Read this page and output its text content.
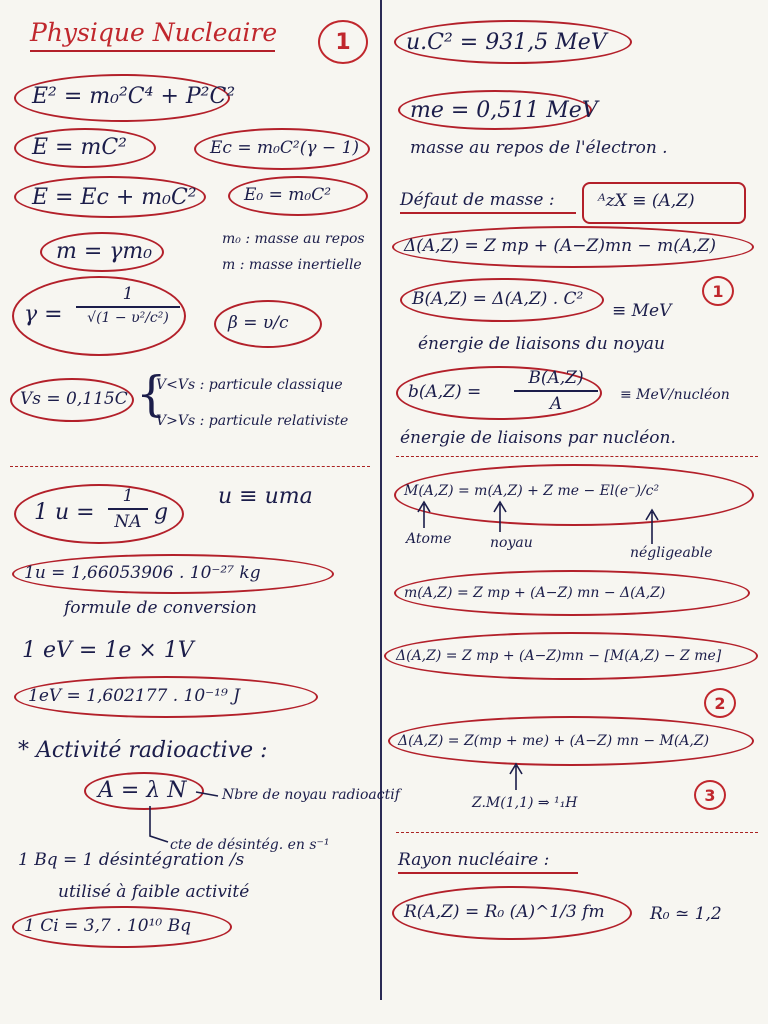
Physique Nucleaire	1
E² = m₀²C⁴ + P²C²
E = mC²	Ec = m₀C²(γ − 1)
E = Ec + m₀C²	E₀ = m₀C²
m = γm₀	m₀ : masse au repos
m : masse inertielle
γ =
1
√(1 − υ²/c²)	β = υ/c
Vs = 0,115C {
V<Vs : particule classique
V>Vs : particule relativiste
1 u =
1
NA g
u ≡ uma
1u = 1,66053906 . 10⁻²⁷ kg
formule de conversion
1 eV = 1e × 1V
1eV = 1,602177 . 10⁻¹⁹ J
* Activité radioactive :
A = λ N	Nbre de noyau radioactif
cte de désintég. en s⁻¹
1 Bq = 1 désintégration /s
utilisé à faible activité
1 Ci = 3,7 . 10¹⁰ Bq
u.C² = 931,5 MeV
me = 0,511 MeV
masse au repos de l'électron .
Défaut de masse :	ᴬzX ≡ (A,Z)
Δ(A,Z) = Z mp + (A−Z)mn − m(A,Z)
B(A,Z) = Δ(A,Z) . C²
≡ MeV
1
énergie de liaisons du noyau
b(A,Z) =
B(A,Z)
A	≡ MeV/nucléon
énergie de liaisons par nucléon.
M(A,Z) = m(A,Z) + Z me − El(e⁻)/c²
Atome	noyau
négligeable
m(A,Z) = Z mp + (A−Z) mn − Δ(A,Z)
Δ(A,Z) = Z mp + (A−Z)mn − [M(A,Z) − Z me]
2
Δ(A,Z) = Z(mp + me) + (A−Z) mn − M(A,Z)
3
Z.M(1,1) ⇒ ¹₁H
Rayon nucléaire :
R(A,Z) = R₀ (A)^1/3 fm	R₀ ≃ 1,2
